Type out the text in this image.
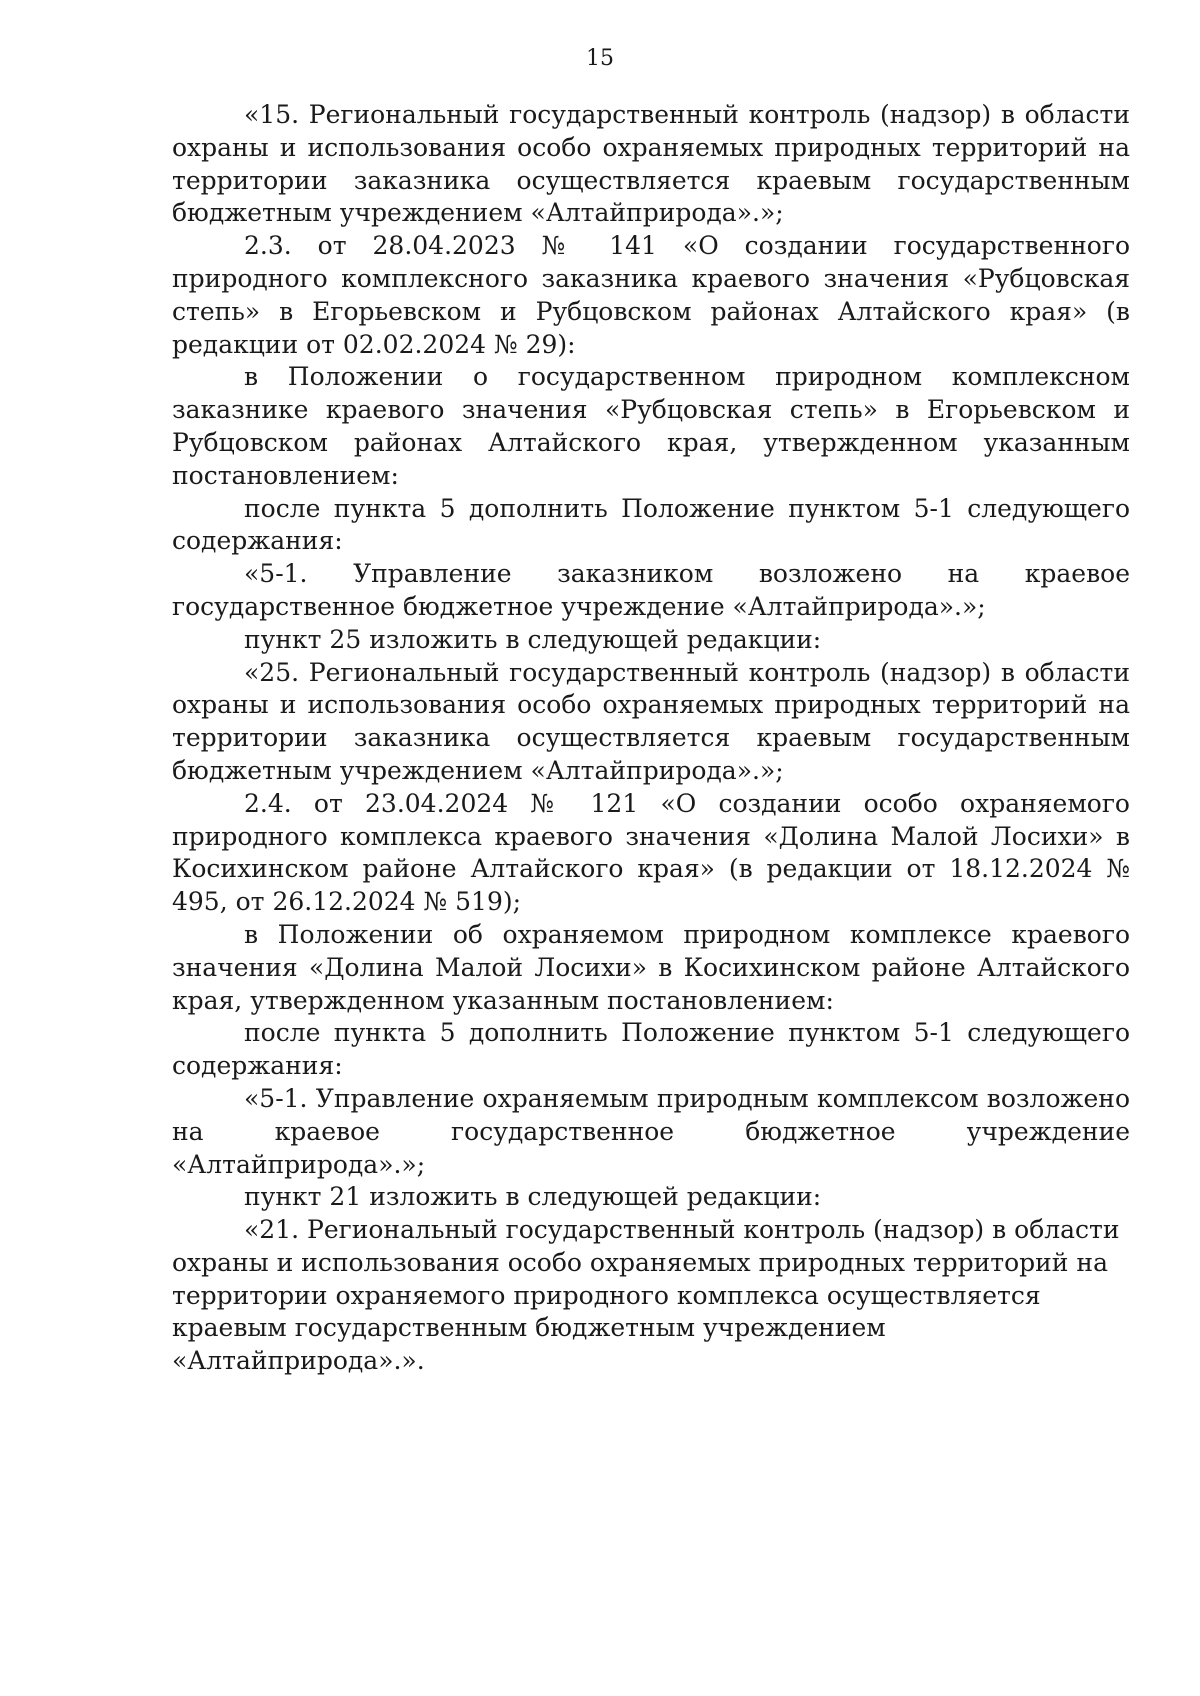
15

«15. Региональный государственный контроль (надзор) в области охраны и использования особо охраняемых природных территорий на территории заказника осуществляется краевым государственным бюджетным учреждением «Алтайприрода».»;

2.3. от 28.04.2023 № 141 «О создании государственного природного комплексного заказника краевого значения «Рубцовская степь» в Егорьевском и Рубцовском районах Алтайского края» (в редакции от 02.02.2024 № 29):

в Положении о государственном природном комплексном заказнике краевого значения «Рубцовская степь» в Егорьевском и Рубцовском районах Алтайского края, утвержденном указанным постановлением:

после пункта 5 дополнить Положение пунктом 5-1 следующего содержания:

«5-1. Управление заказником возложено на краевое государственное бюджетное учреждение «Алтайприрода».»;

пункт 25 изложить в следующей редакции:

«25. Региональный государственный контроль (надзор) в области охраны и использования особо охраняемых природных территорий на территории заказника осуществляется краевым государственным бюджетным учреждением «Алтайприрода».»;

2.4. от 23.04.2024 № 121 «О создании особо охраняемого природного комплекса краевого значения «Долина Малой Лосихи» в Косихинском районе Алтайского края» (в редакции от 18.12.2024 № 495, от 26.12.2024 № 519);

в Положении об охраняемом природном комплексе краевого значения «Долина Малой Лосихи» в Косихинском районе Алтайского края, утвержденном указанным постановлением:

после пункта 5 дополнить Положение пунктом 5-1 следующего содержания:

«5-1. Управление охраняемым природным комплексом возложено на краевое государственное бюджетное учреждение «Алтайприрода».»;

пункт 21 изложить в следующей редакции:

«21. Региональный государственный контроль (надзор) в области охраны и использования особо охраняемых природных территорий на территории охраняемого природного комплекса осуществляется краевым государственным бюджетным учреждением «Алтайприрода».».
